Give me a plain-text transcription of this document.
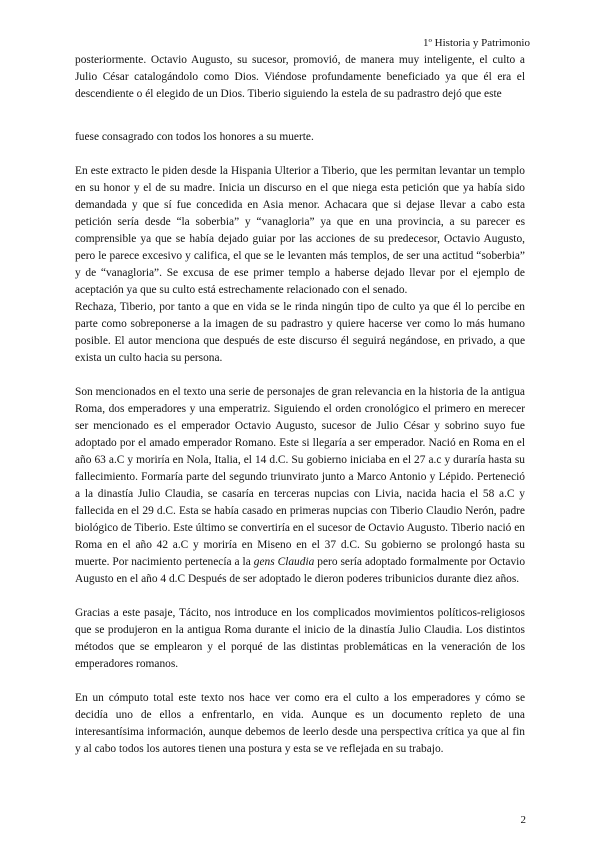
1º Historia y Patrimonio

posteriormente. Octavio Augusto, su sucesor, promovió, de manera muy inteligente, el culto a Julio César catalogándolo como Dios. Viéndose profundamente beneficiado ya que él era el descendiente o él elegido de un Dios. Tiberio siguiendo la estela de su padrastro dejó que este

fuese consagrado con todos los honores a su muerte.

En este extracto le piden desde la Hispania Ulterior a Tiberio, que les permitan levantar un templo en su honor y el de su madre. Inicia un discurso en el que niega esta petición que ya había sido demandada y que sí fue concedida en Asia menor. Achacara que si dejase llevar a cabo esta petición sería desde “la soberbia” y “vanagloria” ya que en una provincia, a su parecer es comprensible ya que se había dejado guiar por las acciones de su predecesor, Octavio Augusto, pero le parece excesivo y califica, el que se le levanten más templos, de ser una actitud “soberbia” y de “vanagloria”. Se excusa de ese primer templo a haberse dejado llevar por el ejemplo de aceptación ya que su culto está estrechamente relacionado con el senado.

Rechaza, Tiberio, por tanto a que en vida se le rinda ningún tipo de culto ya que él lo percibe en parte como sobreponerse a la imagen de su padrastro y quiere hacerse ver como lo más humano posible. El autor menciona que después de este discurso él seguirá negándose, en privado, a que exista un culto hacia su persona.

Son mencionados en el texto una serie de personajes de gran relevancia en la historia de la antigua Roma, dos emperadores y una emperatriz. Siguiendo el orden cronológico el primero en merecer ser mencionado es el emperador Octavio Augusto, sucesor de Julio César y sobrino suyo fue adoptado por el amado emperador Romano. Este si llegaría a ser emperador. Nació en Roma en el año 63 a.C y moriría en Nola, Italia, el 14 d.C. Su gobierno iniciaba en el 27 a.c y duraría hasta su fallecimiento. Formaría parte del segundo triunvirato junto a Marco Antonio y Lépido. Perteneció a la dinastía Julio Claudia, se casaría en terceras nupcias con Livia, nacida hacia el 58 a.C y fallecida en el 29 d.C. Esta se había casado en primeras nupcias con Tiberio Claudio Nerón, padre biológico de Tiberio. Este último se convertiría en el sucesor de Octavio Augusto. Tiberio nació en Roma en el año 42 a.C y moriría en Miseno en el 37 d.C. Su gobierno se prolongó hasta su muerte. Por nacimiento pertenecía a la gens Claudia pero sería adoptado formalmente por Octavio Augusto en el año 4 d.C Después de ser adoptado le dieron poderes tribunicios durante diez años.

Gracias a este pasaje, Tácito, nos introduce en los complicados movimientos políticos-religiosos que se produjeron en la antigua Roma durante el inicio de la dinastía Julio Claudia. Los distintos métodos que se emplearon y el porqué de las distintas problemáticas en la veneración de los emperadores romanos.

En un cómputo total este texto nos hace ver como era el culto a los emperadores y cómo se decidía uno de ellos a enfrentarlo, en vida. Aunque es un documento repleto de una interesantísima información, aunque debemos de leerlo desde una perspectiva crítica ya que al fin y al cabo todos los autores tienen una postura y esta se ve reflejada en su trabajo.

2
